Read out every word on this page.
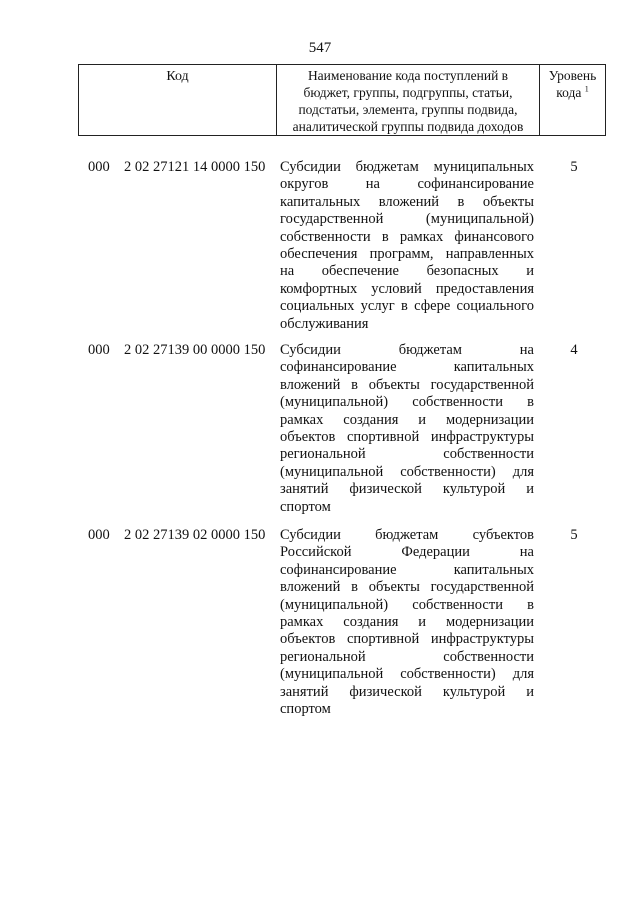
547
Код	Наименование кода поступлений в
бюджет, группы, подгруппы, статьи,
подстатьи, элемента, группы подвида,
аналитической группы подвида доходов
Уровень
кода $^1$
000 2 02 27121 14 0000 150 Субсидии бюджетам муниципальных
округов на софинансирование
капитальных вложений в объекты
государственной (муниципальной)
собственности в рамках финансового
обеспечения программ, направленных
на обеспечение безопасных и
комфортных условий предоставления
социальных услуг в сфере социального
обслуживания
5
000 2 02 27139 00 0000 150 Субсидии бюджетам на
софинансирование капитальных
вложений в объекты государственной
(муниципальной) собственности в
рамках создания и модернизации
объектов спортивной инфраструктуры
региональной собственности
(муниципальной собственности) для
занятий физической культурой и
спортом
4
000 2 02 27139 02 0000 150 Субсидии бюджетам субъектов
Российской Федерации на
софинансирование капитальных
вложений в объекты государственной
(муниципальной) собственности в
рамках создания и модернизации
объектов спортивной инфраструктуры
региональной собственности
(муниципальной собственности) для
занятий физической культурой и
спортом
5
